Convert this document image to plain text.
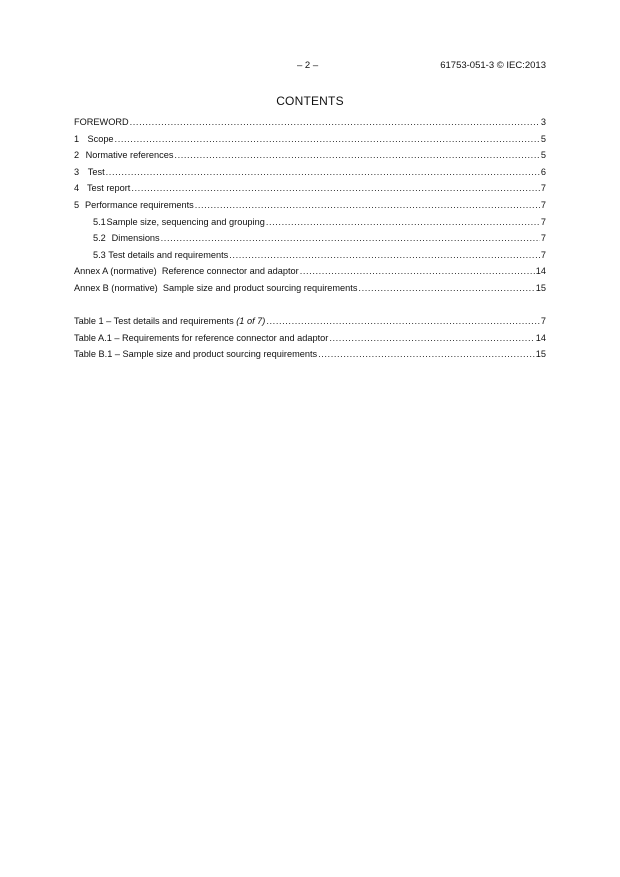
– 2 –	61753-051-3 © IEC:2013
CONTENTS
FOREWORD .....	3
1 Scope .....	5
2 Normative references .....	5
3 Test .....	6
4 Test report .....	7
5 Performance requirements .....	7
5.1 Sample size, sequencing and grouping .....	7
5.2 Dimensions .....	7
5.3 Test details and requirements .....	7
Annex A (normative)  Reference connector and adaptor .....	14
Annex B (normative)  Sample size and product sourcing requirements .....	15
Table 1 – Test details and requirements (1 of 7) .....	7
Table A.1 – Requirements for reference connector and adaptor .....	14
Table B.1 – Sample size and product sourcing requirements .....	15
